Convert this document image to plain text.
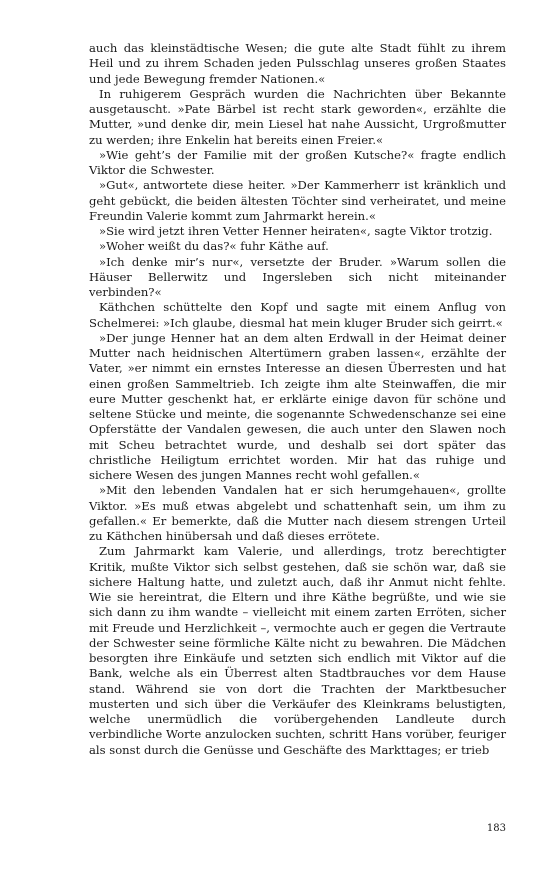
auch das kleinstädtische Wesen; die gute alte Stadt fühlt zu ihrem Heil und zu ihrem Schaden jeden Pulsschlag unseres großen Staates und jede Bewegung fremder Nationen.«

In ruhigerem Gespräch wurden die Nachrichten über Bekannte ausgetauscht. »Pate Bärbel ist recht stark geworden«, erzählte die Mutter, »und denke dir, mein Liesel hat nahe Aussicht, Urgroßmutter zu werden; ihre Enkelin hat bereits einen Freier.«

»Wie geht’s der Familie mit der großen Kutsche?« fragte endlich Viktor die Schwester.

»Gut«, antwortete diese heiter. »Der Kammerherr ist kränklich und geht gebückt, die beiden ältesten Töchter sind verheiratet, und meine Freundin Valerie kommt zum Jahrmarkt herein.«

»Sie wird jetzt ihren Vetter Henner heiraten«, sagte Viktor trotzig.

»Woher weißt du das?« fuhr Käthe auf.

»Ich denke mir’s nur«, versetzte der Bruder. »Warum sollen die Häuser Bellerwitz und Ingersleben sich nicht miteinander verbinden?«

Käthchen schüttelte den Kopf und sagte mit einem Anflug von Schelmerei: »Ich glaube, diesmal hat mein kluger Bruder sich geirrt.«

»Der junge Henner hat an dem alten Erdwall in der Heimat deiner Mutter nach heidnischen Altertümern graben lassen«, erzählte der Vater, »er nimmt ein ernstes Interesse an diesen Überresten und hat einen großen Sammeltrieb. Ich zeigte ihm alte Steinwaffen, die mir eure Mutter geschenkt hat, er erklärte einige davon für schöne und seltene Stücke und meinte, die sogenannte Schwedenschanze sei eine Opferstätte der Vandalen gewesen, die auch unter den Slawen noch mit Scheu betrachtet wurde, und deshalb sei dort später das christliche Heiligtum errichtet worden. Mir hat das ruhige und sichere Wesen des jungen Mannes recht wohl gefallen.«

»Mit den lebenden Vandalen hat er sich herumgehauen«, grollte Viktor. »Es muß etwas abgelebt und schattenhaft sein, um ihm zu gefallen.« Er bemerkte, daß die Mutter nach diesem strengen Urteil zu Käthchen hinübersah und daß dieses errötete.

Zum Jahrmarkt kam Valerie, und allerdings, trotz berechtigter Kritik, mußte Viktor sich selbst gestehen, daß sie schön war, daß sie sichere Haltung hatte, und zuletzt auch, daß ihr Anmut nicht fehlte. Wie sie hereintrat, die Eltern und ihre Käthe begrüßte, und wie sie sich dann zu ihm wandte – vielleicht mit einem zarten Erröten, sicher mit Freude und Herzlichkeit –, vermochte auch er gegen die Vertraute der Schwester seine förmliche Kälte nicht zu bewahren. Die Mädchen besorgten ihre Einkäufe und setzten sich endlich mit Viktor auf die Bank, welche als ein Überrest alten Stadtbrauches vor dem Hause stand. Während sie von dort die Trachten der Marktbesucher musterten und sich über die Verkäufer des Kleinkrams belustigten, welche unermüdlich die vorübergehenden Landleute durch verbindliche Worte anzulocken suchten, schritt Hans vorüber, feuriger als sonst durch die Genüsse und Geschäfte des Markttages; er trieb

183
